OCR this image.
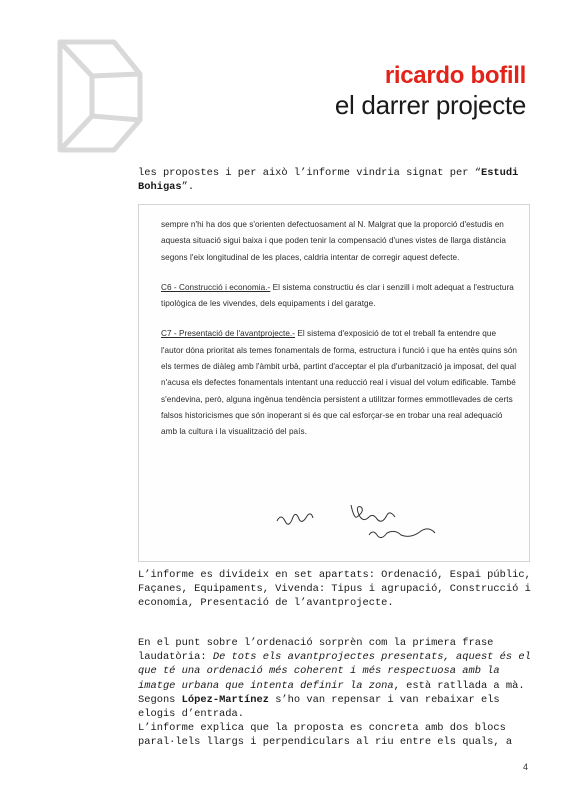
ricardo bofill
el darrer projecte
les propostes i per això l’informe vindria signat per “Estudi Bohigas”.

sempre n'hi ha dos que s'orienten defectuosament al N. Malgrat que la proporció d'estudis en aquesta situació sigui baixa i que poden tenir la compensació d'unes vistes de llarga distància segons l'eix longitudinal de les places, caldria intentar de corregir aquest defecte.

C6 - Construcció i economia.- El sistema constructiu és clar i senzill i molt adequat a l'estructura tipològica de les vivendes, dels equipaments i del garatge.

C7 - Presentació de l'avantprojecte.- El sistema d'exposició de tot el treball fa entendre que l'autor dóna prioritat als temes fonamentals de forma, estructura i funció i que ha entès quins són els termes de diàleg amb l'àmbit urbà, partint d'acceptar el pla d'urbanització ja imposat, del qual n'acusa els defectes fonamentals intentant una reducció real i visual del volum edificable. També s'endevina, però, alguna ingènua tendència persistent a utilitzar formes emmotllevades de certs falsos historicismes que són inoperant si és que cal esforçar-se en trobar una real adequació amb la cultura i la visualització del país.

L’informe es divideix en set apartats: Ordenació, Espai públic, Façanes, Equipaments, Vivenda: Tipus i agrupació, Construcció i economia, Presentació de l’avantprojecte.
En el punt sobre l’ordenació sorprèn com la primera frase laudatòria: De tots els avantprojectes presentats, aquest és el que té una ordenació més coherent i més respectuosa amb la imatge urbana que intenta definir la zona, està ratllada a mà. Segons López-Martínez s’ho van repensar i van rebaixar els elogis d’entrada.
L’informe explica que la proposta es concreta amb dos blocs paral·lels llargs i perpendiculars al riu entre els quals, a
4
